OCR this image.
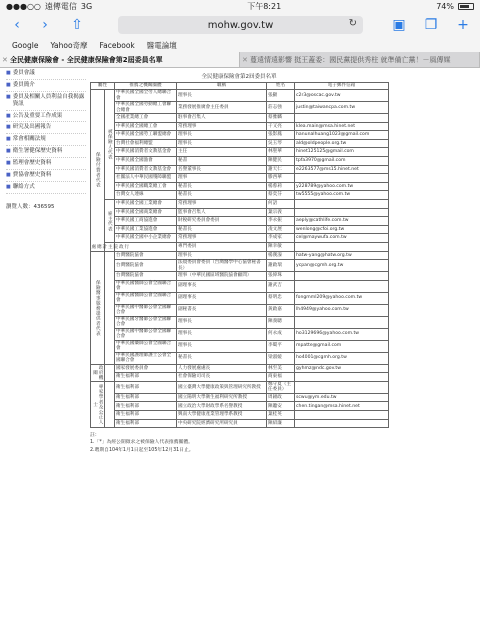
●●●○○ 遠傳電信 3G	下午8:21	74%
‹	›	⇧	mohw.gov.tw	↻	▣ ❐ +
Google Yahoo奇摩 Facebook 醫電論壇
✕ 全民健康保險會 - 全民健康保險會第2屆委員名單	✕ 蔓遠情遠影響 挺王蓋委：國民黨提供秀柱 就準備亡黨！－風傳媒
■ 委員會議
■ 委員簡介
■ 委員及相關人員利益自我揭露資訊
■ 公告及重要工作成果
■ 研究及出國報告
■ 常會相關法規
■ 衛生署健保歷史資料
■ 監理會歷史資料
■ 費協會歷史資料
■ 聯絡方式
瀏覽人數：436595
全民健康保險會第2屆委員名單
屬性		推薦之機關團體	職稱	姓名	電子郵件信箱
保險付費者代表	被保險人代表	中華民國全國全勞人總聯合會	理事長	張顯	c2r3@oscac.gov.tw
		中華民國全國勞動總工會聯合總會	業務發展推廣會主任委員	莊志強	justin@taiwancpa.com.tw
		全國產業總工會	駐事會召集人	蔡雅麟	
		中華民國全國總工會	常務理事	干又亮	klea.main@msa.hinet.net
		中華民國全國勞工聯盟總會	理事長	張影鳳	hanunalhuang1023@gmail.com
		台灣社會福利總盟	理事長	吳玉琴	ald@oldpeople.org.tw
		中華民國消費者文教基金會	主任	林聖華	hinet125125@gmail.com
		中華民國全國漁會	秘書	陳健民	tpfa3970@gmail.com
		中華民國消費者文教基金會	名譽董事長	謝天仁	e2263577@ms15.hinet.net
		社團法人中華民國殘障聯盟	理事	滕西華	
		中華民國全國職業總工會	秘書長	楊蓉莉	y228789@yahoo.com.tw
		台灣女人連線	秘書長	蔡奕芬	tw5555@yahoo.com.tw
	雇主代表	中華民國全國工業總會	常務理事	何語	
		中華民國全國商業總會	監事會召集人	葉宗義	
		中華民國工商協進會	財稅研究委員會委員	李永振	aeply@cathlife.com.tw
		中華民國工業協進會	秘書長	凌文展	wenlong@cfoi.org.tw
		中華民國全國中小企業總會	常務理事	李成家	cel@maywufa.com.tw
	行政院主計總處		專門委員	陳幸敏	
保險醫事服務提供者代表		台灣醫院協會	理事長	楊漢湶	hatw-yang@hatw.org.tw
		台灣醫院協會	法規委員會委員（台灣醫學中心協會秘書長）	謝啟瑞	ycpan@cgmh.org.tw
		台灣醫院協會	理事（中華民國區域醫院協會顧問）	張偉珠	
		中華民國醫師公會全國聯合會	副理事長	謝武吉	
		中華民國醫師公會全國聯合會	副理事長	蔡明忠	fongmml209@yahoo.com.tw
		中華民國中醫師公會全國聯合會	副秘書長	黃啟嘉	lh4949@yahoo.com.tw
		中華民國牙醫師公會全國聯合會	理事長	陳義聰	
		中華民國中醫師公會全國聯合會	理事長	何永成	ho3129696@yahoo.com.tw
		中華民國藥師公會全國聯合會	理事長	李蜀平	mpatte@gmail.com
		中華民國護理師護士公會全國聯合會	秘書長	梁淑媛	ho4001@cgmh.org.tw
政府機關		國家發展委員會	人力發展處處長	林至美	gyhmz@ndc.gov.tw
		衛生福利部	社會保險司司長	商東福	
專家學者及公正人士		衛生福利部	國立臺灣大學健康政策與管理研究所教授	鄭守夏（主任委員）	
		衛生福利部	國立陽明大學衛生福利研究所教授	周穎政	scwu@ym.edu.tw
		衛生福利部	國立政治大學財政學系名譽教授	陳聽安	chen.tingan@msa.hinet.net
		衛生福利部	興南大學健康產業管理學系教授	葉桂英	
		衛生福利部	中央研究院經濟研究所研究員	陳紹廉	
註：
1.「*」為經公開徵求之被保險人代表推薦團體。
2.聘期自104年1月1日起至105年12月31日止。
